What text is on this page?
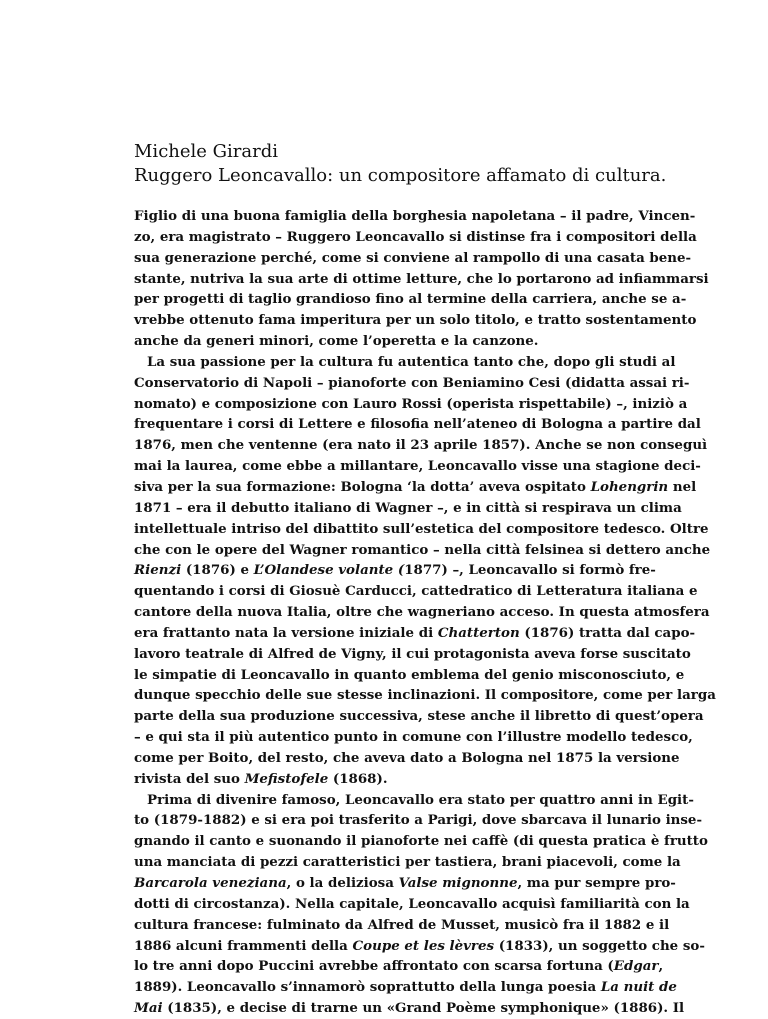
Michele Girardi
Ruggero Leoncavallo: un compositore affamato di cultura.
Figlio di una buona famiglia della borghesia napoletana – il padre, Vincen-
zo, era magistrato – Ruggero Leoncavallo si distinse fra i compositori della
sua generazione perché, come si conviene al rampollo di una casata bene-
stante, nutriva la sua arte di ottime letture, che lo portarono ad infiammarsi
per progetti di taglio grandioso fino al termine della carriera, anche se a-
vrebbe ottenuto fama imperitura per un solo titolo, e tratto sostentamento
anche da generi minori, come l’operetta e la canzone.
La sua passione per la cultura fu autentica tanto che, dopo gli studi al
Conservatorio di Napoli – pianoforte con Beniamino Cesi (didatta assai ri-
nomato) e composizione con Lauro Rossi (operista rispettabile) –, iniziò a
frequentare i corsi di Lettere e filosofia nell’ateneo di Bologna a partire dal
1876, men che ventenne (era nato il 23 aprile 1857). Anche se non conseguì
mai la laurea, come ebbe a millantare, Leoncavallo visse una stagione deci-
siva per la sua formazione: Bologna ‘la dotta’ aveva ospitato Lohengrin nel
1871 – era il debutto italiano di Wagner –, e in città si respirava un clima
intellettuale intriso del dibattito sull’estetica del compositore tedesco. Oltre
che con le opere del Wagner romantico – nella città felsinea si dettero anche
Rienzi (1876) e L’Olandese volante (1877) –, Leoncavallo si formò fre-
quentando i corsi di Giosuè Carducci, cattedratico di Letteratura italiana e
cantore della nuova Italia, oltre che wagneriano acceso. In questa atmosfera
era frattanto nata la versione iniziale di Chatterton (1876) tratta dal capo-
lavoro teatrale di Alfred de Vigny, il cui protagonista aveva forse suscitato
le simpatie di Leoncavallo in quanto emblema del genio misconosciuto, e
dunque specchio delle sue stesse inclinazioni. Il compositore, come per larga
parte della sua produzione successiva, stese anche il libretto di quest’opera
– e qui sta il più autentico punto in comune con l’illustre modello tedesco,
come per Boito, del resto, che aveva dato a Bologna nel 1875 la versione
rivista del suo Mefistofele (1868).
Prima di divenire famoso, Leoncavallo era stato per quattro anni in Egit-
to (1879-1882) e si era poi trasferito a Parigi, dove sbarcava il lunario inse-
gnando il canto e suonando il pianoforte nei caffè (di questa pratica è frutto
una manciata di pezzi caratteristici per tastiera, brani piacevoli, come la
Barcarola veneziana, o la deliziosa Valse mignonne, ma pur sempre pro-
dotti di circostanza). Nella capitale, Leoncavallo acquisì familiarità con la
cultura francese: fulminato da Alfred de Musset, musicò fra il 1882 e il
1886 alcuni frammenti della Coupe et les lèvres (1833), un soggetto che so-
lo tre anni dopo Puccini avrebbe affrontato con scarsa fortuna (Edgar,
1889). Leoncavallo s’innamorò soprattutto della lunga poesia La nuit de
Mai (1835), e decise di trarne un «Grand Poème symphonique» (1886). Il
